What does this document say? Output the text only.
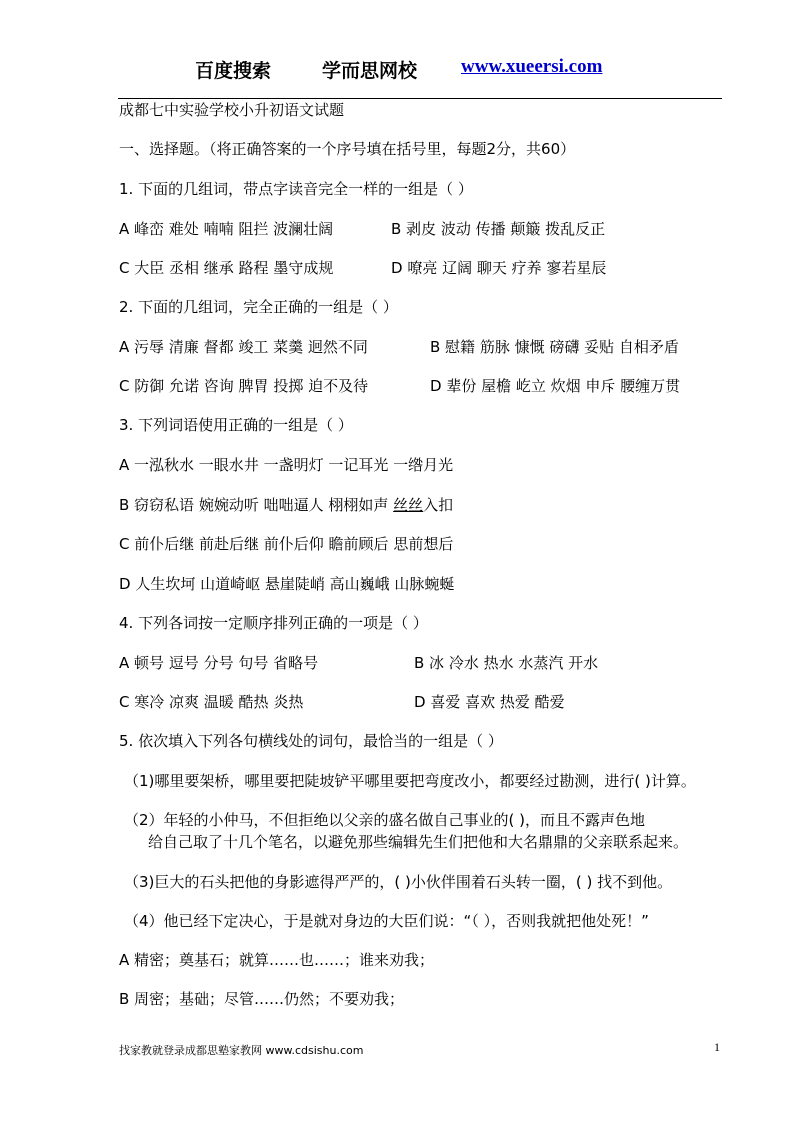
百度搜索	学而思网校 www.xueersi.com
成都七中实验学校小升初语文试题
一、选择题。（将正确答案的一个序号填在括号里，每题2分，共60）
1. 下面的几组词，带点字读音完全一样的一组是（ ）
A 峰峦 难处 喃喃 阻拦 波澜壮阔	B 剥皮 波动 传播 颠簸 拨乱反正
C 大臣 丞相 继承 路程 墨守成规	D 嘹亮 辽阔 聊天 疗养 寥若星辰
2. 下面的几组词，完全正确的一组是（ ）
A 污辱 清廉 督都 竣工 菜羹 迥然不同	B 慰籍 筋脉 慷慨 磅礴 妥贴 自相矛盾
C 防御 允诺 咨询 脾胃 投掷 迫不及待	D 辈份 屋檐 屹立 炊烟 申斥 腰缠万贯
3. 下列词语使用正确的一组是（ ）
A 一泓秋水 一眼水井 一盏明灯 一记耳光 一绺月光
B 窃窃私语 婉婉动听 咄咄逼人 栩栩如声 丝丝入扣
C 前仆后继 前赴后继 前仆后仰 瞻前顾后 思前想后
D 人生坎坷 山道崎岖 悬崖陡峭 高山巍峨 山脉蜿蜒
4. 下列各词按一定顺序排列正确的一项是（ ）
A 顿号 逗号 分号 句号 省略号	B 冰 冷水 热水 水蒸汽 开水
C 寒冷 凉爽 温暖 酷热 炎热	D 喜爱 喜欢 热爱 酷爱
5. 依次填入下列各句横线处的词句，最恰当的一组是（ ）
（1)哪里要架桥，哪里要把陡坡铲平哪里要把弯度改小，都要经过勘测，进行( )计算。
（2）年轻的小仲马，不但拒绝以父亲的盛名做自己事业的( )，而且不露声色地
给自己取了十几个笔名，以避免那些编辑先生们把他和大名鼎鼎的父亲联系起来。
（3)巨大的石头把他的身影遮得严严的，( )小伙伴围着石头转一圈，( ) 找不到他。
（4）他已经下定决心，于是就对身边的大臣们说：“（ ），否则我就把他处死！”
A 精密；奠基石；就算……也……；谁来劝我；
B 周密；基础；尽管……仍然；不要劝我；
找家教就登录成都思塾家教网 www.cdsishu.com	1
